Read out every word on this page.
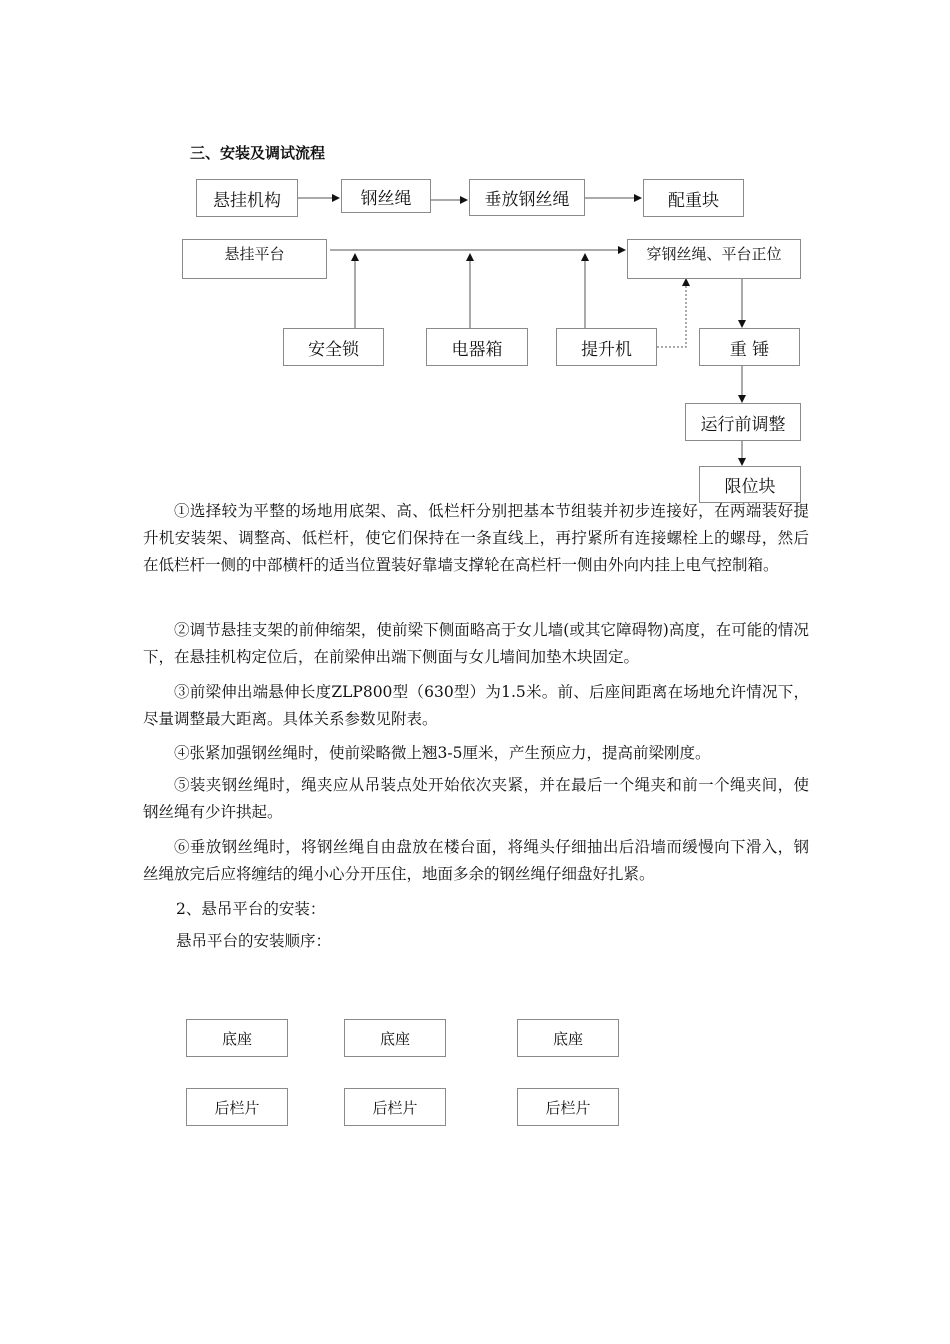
三、安装及调试流程
悬挂机构	钢丝绳	垂放钢丝绳	配重块
悬挂平台	穿钢丝绳、平台正位
安全锁	电器箱	提升机	重 锤
运行前调整
限位块

①选择较为平整的场地用底架、高、低栏杆分别把基本节组装并初步连接好，在两端装好提升机安装架、调整高、低栏杆，使它们保持在一条直线上，再拧紧所有连接螺栓上的螺母，然后在低栏杆一侧的中部横杆的适当位置装好靠墙支撑轮在高栏杆一侧由外向内挂上电气控制箱。

②调节悬挂支架的前伸缩架，使前梁下侧面略高于女儿墙(或其它障碍物)高度，在可能的情况下，在悬挂机构定位后，在前梁伸出端下侧面与女儿墙间加垫木块固定。

③前梁伸出端悬伸长度ZLP800型（630型）为1.5米。前、后座间距离在场地允许情况下，尽量调整最大距离。具体关系参数见附表。

④张紧加强钢丝绳时，使前梁略微上翘3-5厘米，产生预应力，提高前梁刚度。

⑤装夹钢丝绳时，绳夹应从吊装点处开始依次夹紧，并在最后一个绳夹和前一个绳夹间，使钢丝绳有少许拱起。

⑥垂放钢丝绳时，将钢丝绳自由盘放在楼台面，将绳头仔细抽出后沿墙而缓慢向下滑入，钢丝绳放完后应将缠结的绳小心分开压住，地面多余的钢丝绳仔细盘好扎紧。

2、悬吊平台的安装：
悬吊平台的安装顺序：
底座	底座	底座
后栏片	后栏片	后栏片
